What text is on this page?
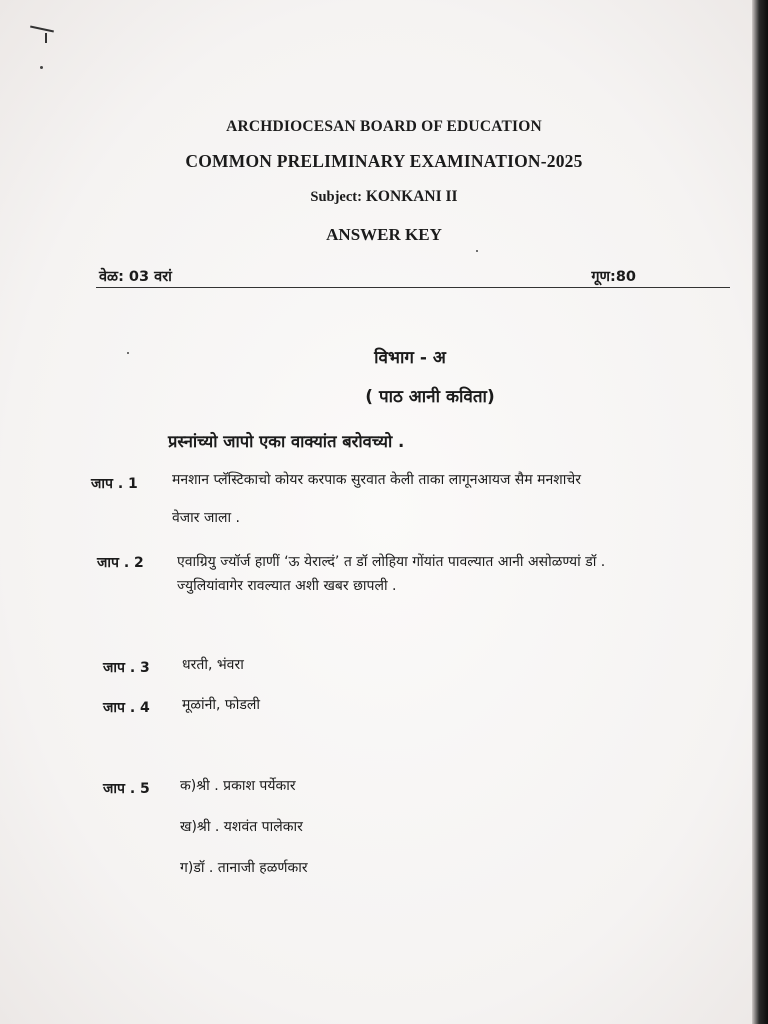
ARCHDIOCESAN BOARD OF EDUCATION
COMMON PRELIMINARY EXAMINATION-2025
Subject: KONKANI II
ANSWER KEY
वेळ: 03 वरां	गूण:80
विभाग - अ
( पाठ आनी कविता)
प्रस्नांच्यो जापो एका वाक्यांत बरोवच्यो .
जाप . 1 मनशान प्लॅस्टिकाचो कोयर करपाक सुरवात केली ताका लागूनआयज सैम मनशाचेर
वेजार जाला .
जाप . 2 एवाग्रियु ज्यॉर्ज हाणीं ‘ऊ येराल्दं’ त डॉ लोहिया गोंयांत पावल्यात आनी असोळण्यां डॉ .
ज्युलियांवागेर रावल्यात अशी खबर छापली .
जाप . 3 धरती, भंवरा
जाप . 4 मूळांनी, फोडली
जाप . 5 क)श्री . प्रकाश पर्येकार
ख)श्री . यशवंत पालेकार
ग)डॉ . तानाजी हळर्णकार
